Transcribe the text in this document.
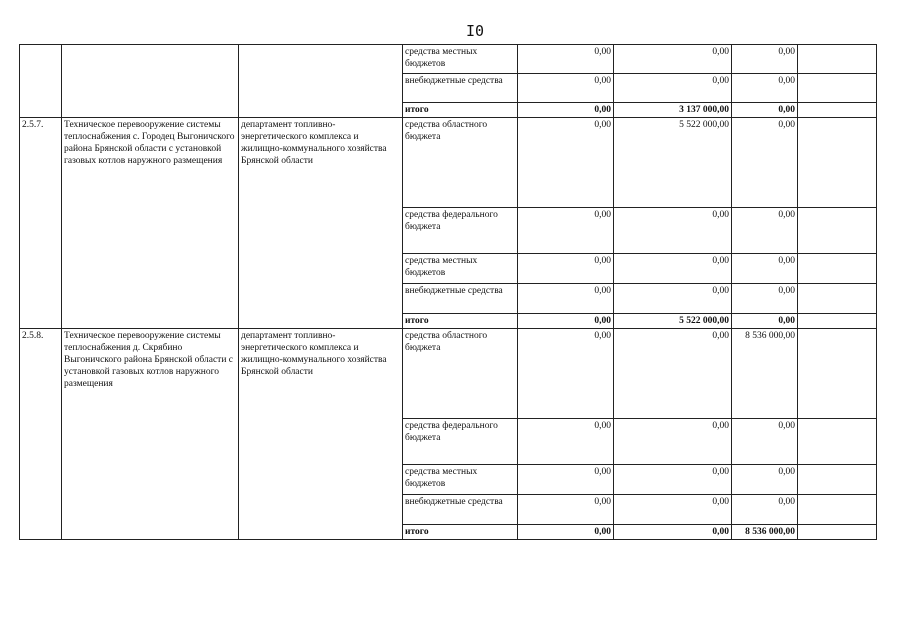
I0
			средства местных бюджетов	0,00	0,00	0,00	
			внебюджетные средства	0,00	0,00	0,00	
			итого	0,00	3 137 000,00	0,00	
2.5.7.	Техническое перевооружение системы теплоснабжения с. Городец Выгоничского района Брянской области с установкой газовых котлов наружного размещения	департамент топливно-энергетического комплекса и жилищно-коммунального хозяйства Брянской области	средства областного бюджета	0,00	5 522 000,00	0,00	
			средства федерального бюджета	0,00	0,00	0,00	
			средства местных бюджетов	0,00	0,00	0,00	
			внебюджетные средства	0,00	0,00	0,00	
			итого	0,00	5 522 000,00	0,00	
2.5.8.	Техническое перевооружение системы теплоснабжения д. Скрябино Выгоничского района Брянской области с установкой газовых котлов наружного размещения	департамент топливно-энергетического комплекса и жилищно-коммунального хозяйства Брянской области	средства областного бюджета	0,00	0,00	8 536 000,00	
			средства федерального бюджета	0,00	0,00	0,00	
			средства местных бюджетов	0,00	0,00	0,00	
			внебюджетные средства	0,00	0,00	0,00	
			итого	0,00	0,00	8 536 000,00	
